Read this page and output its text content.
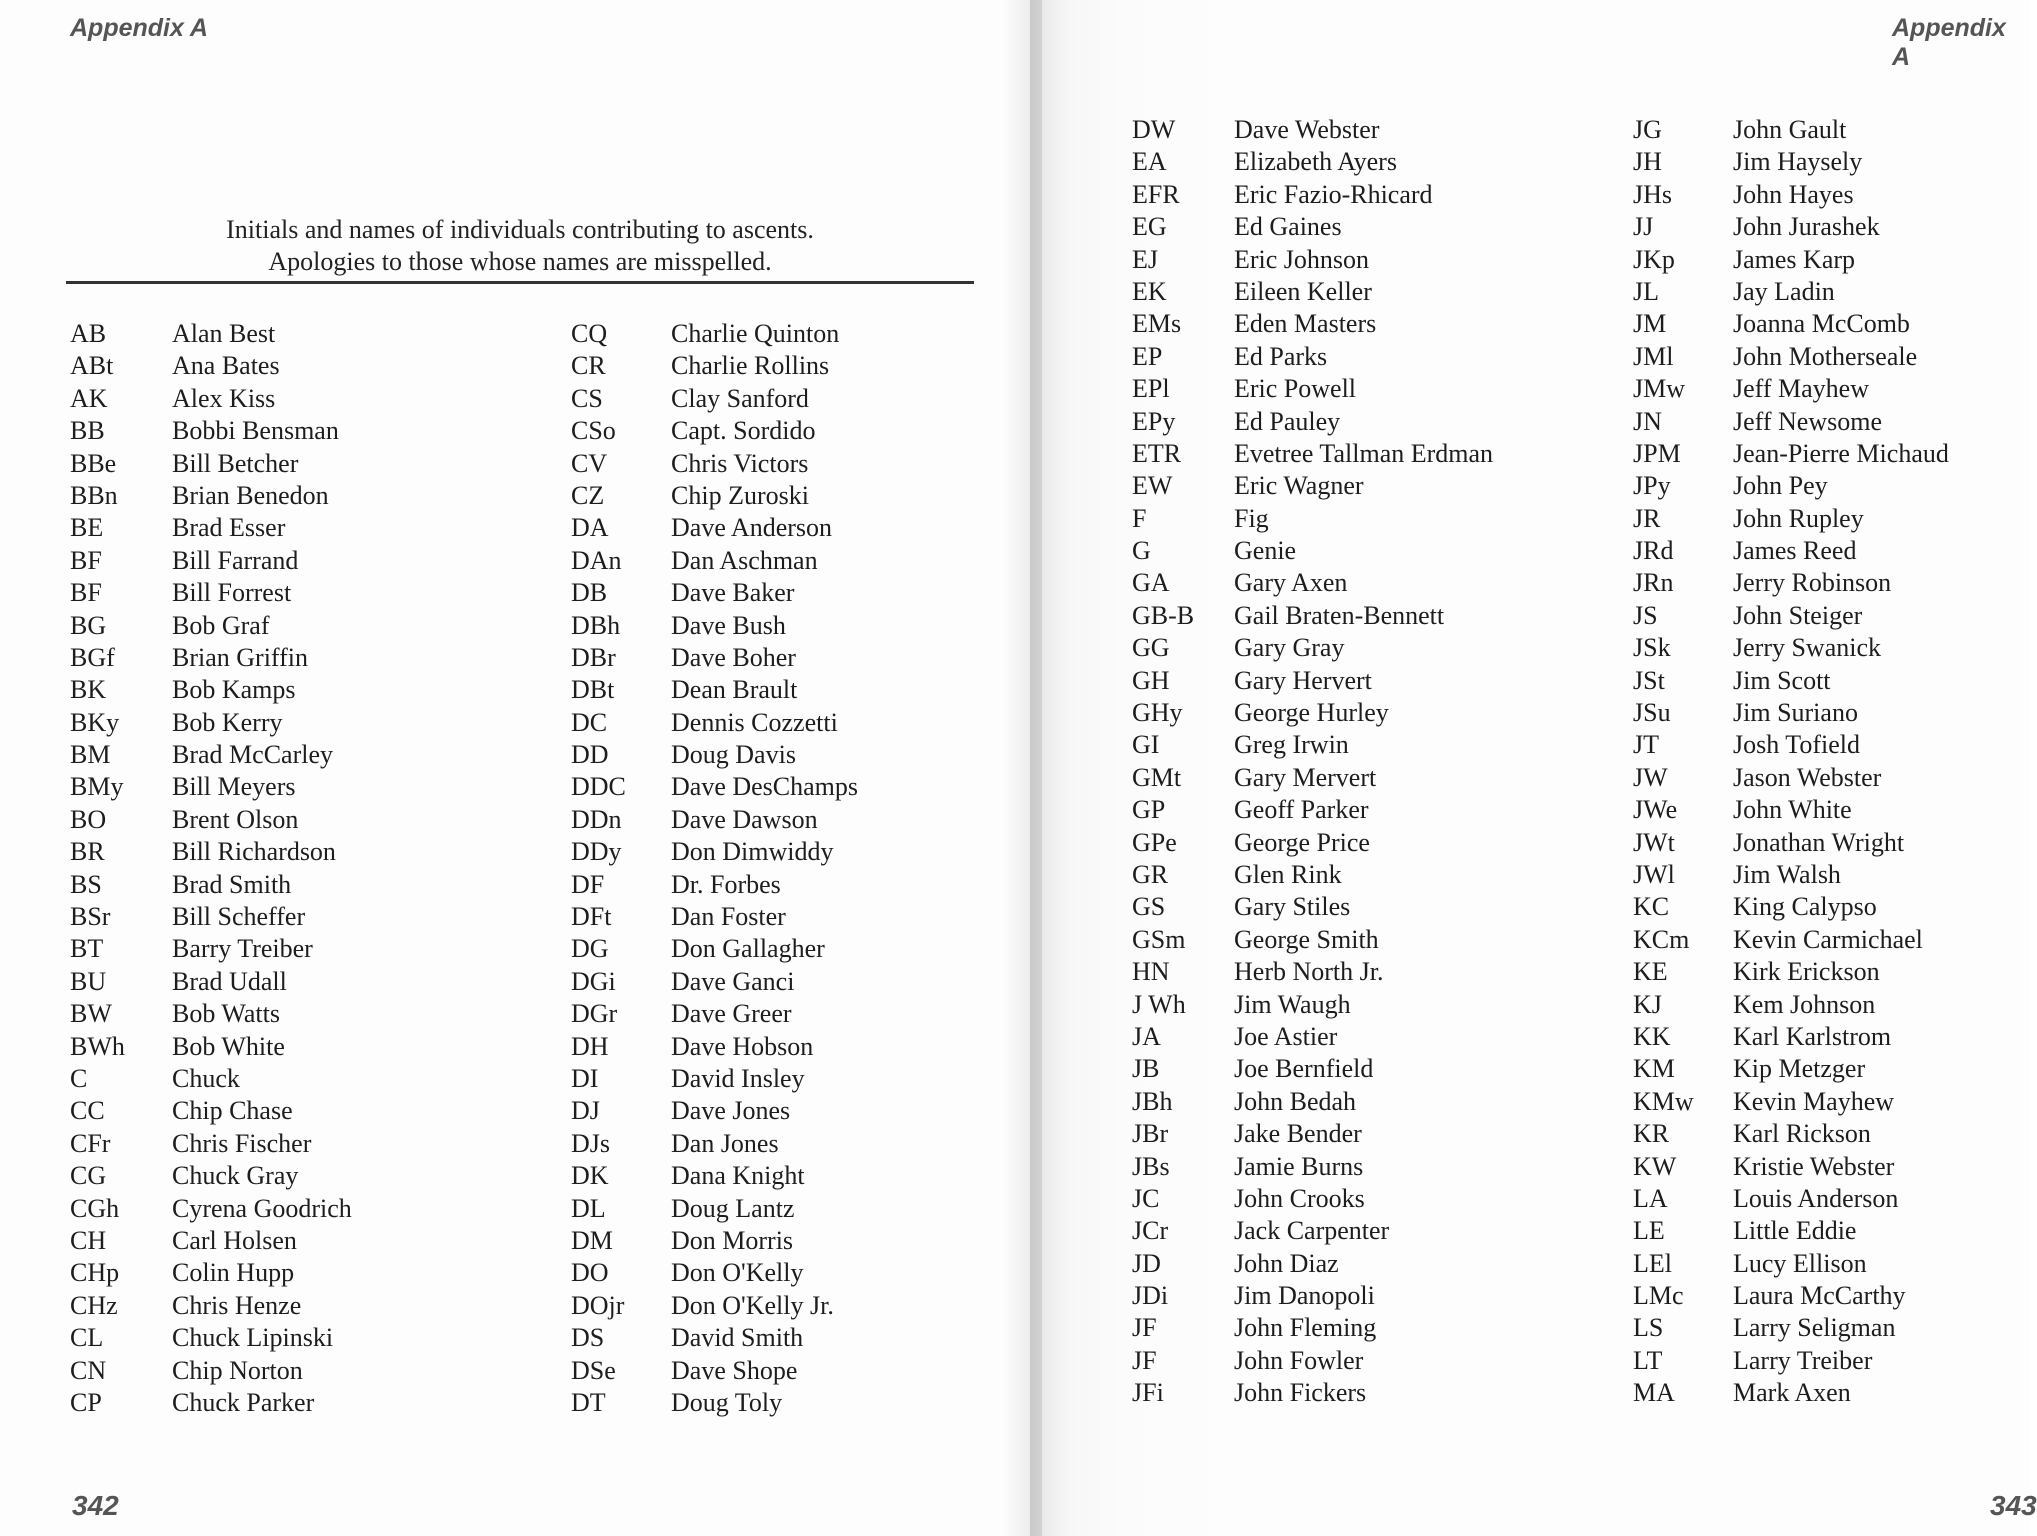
Appendix A
Initials and names of individuals contributing to ascents.
Apologies to those whose names are misspelled.
AB	Alan Best
ABt Ana Bates
AK Alex Kiss
BB	Bobbi Bensman
BBe Bill Betcher
BBn Brian Benedon
BE	Brad Esser
BF	Bill Farrand
BF	Bill Forrest
BG	Bob Graf
BGf Brian Griffin
BK	Bob Kamps
BKy Bob Kerry
BM Brad McCarley
BMy Bill Meyers
BO	Brent Olson
BR	Bill Richardson
BS	Brad Smith
BSr Bill Scheffer
BT	Barry Treiber
BU	Brad Udall
BW Bob Watts
BWh Bob White
C	Chuck
CC	Chip Chase
CFr Chris Fischer
CG	Chuck Gray
CGh Cyrena Goodrich
CH	Carl Holsen
CHp Colin Hupp
CHz Chris Henze
CL	Chuck Lipinski
CN	Chip Norton
CP	Chuck Parker
CQ Charlie Quinton
CR	Charlie Rollins
CS	Clay Sanford
CSo Capt. Sordido
CV Chris Victors
CZ	Chip Zuroski
DA Dave Anderson
DAn Dan Aschman
DB Dave Baker
DBh Dave Bush
DBr Dave Boher
DBt Dean Brault
DC Dennis Cozzetti
DD Doug Davis
DDC Dave DesChamps
DDn Dave Dawson
DDy Don Dimwiddy
DF	Dr. Forbes
DFt Dan Foster
DG Don Gallagher
DGi Dave Ganci
DGr Dave Greer
DH Dave Hobson
DI	David Insley
DJ	Dave Jones
DJs Dan Jones
DK Dana Knight
DL	Doug Lantz
DM Don Morris
DO Don O'Kelly
DOjr Don O'Kelly Jr.
DS	David Smith
DSe Dave Shope
DT	Doug Toly
342
Appendix A
DW Dave Webster
EA	Elizabeth Ayers
EFR Eric Fazio-Rhicard
EG	Ed Gaines
EJ	Eric Johnson
EK	Eileen Keller
EMs Eden Masters
EP	Ed Parks
EPl Eric Powell
EPy Ed Pauley
ETR Evetree Tallman Erdman
EW Eric Wagner
F	Fig
G	Genie
GA Gary Axen
GB-B Gail Braten-Bennett
GG Gary Gray
GH Gary Hervert
GHy George Hurley
GI	Greg Irwin
GMt Gary Mervert
GP	Geoff Parker
GPe George Price
GR	Glen Rink
GS	Gary Stiles
GSm George Smith
HN Herb North Jr.
J Wh Jim Waugh
JA	Joe Astier
JB	Joe Bernfield
JBh John Bedah
JBr	Jake Bender
JBs Jamie Burns
JC	John Crooks
JCr	Jack Carpenter
JD	John Diaz
JDi	Jim Danopoli
JF	John Fleming
JF	John Fowler
JFi	John Fickers
JG	John Gault
JH	Jim Haysely
JHs John Hayes
JJ	John Jurashek
JKp James Karp
JL	Jay Ladin
JM	Joanna McComb
JMl John Motherseale
JMw Jeff Mayhew
JN	Jeff Newsome
JPM Jean-Pierre Michaud
JPy John Pey
JR	John Rupley
JRd James Reed
JRn Jerry Robinson
JS	John Steiger
JSk Jerry Swanick
JSt	Jim Scott
JSu Jim Suriano
JT	Josh Tofield
JW	Jason Webster
JWe John White
JWt Jonathan Wright
JWl Jim Walsh
KC King Calypso
KCm Kevin Carmichael
KE	Kirk Erickson
KJ	Kem Johnson
KK Karl Karlstrom
KM Kip Metzger
KMw Kevin Mayhew
KR Karl Rickson
KW Kristie Webster
LA	Louis Anderson
LE	Little Eddie
LEl Lucy Ellison
LMc Laura McCarthy
LS	Larry Seligman
LT	Larry Treiber
MA Mark Axen
343
